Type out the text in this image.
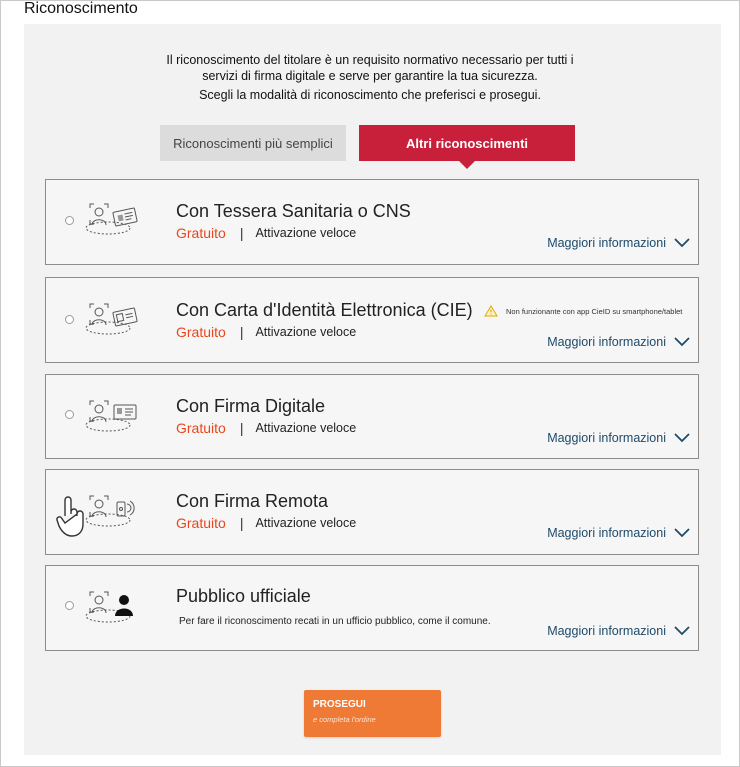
Riconoscimento
Il riconoscimento del titolare è un requisito normativo necessario per tutti i
servizi di firma digitale e serve per garantire la tua sicurezza.
Scegli la modalità di riconoscimento che preferisci e prosegui.
Riconoscimenti più semplici	Altri riconoscimenti
Con Tessera Sanitaria o CNS
Gratuito | Attivazione veloce
Maggiori informazioni
Con Carta d'Identità Elettronica (CIE)	Non funzionante con app CieID su smartphone/tablet
Gratuito | Attivazione veloce
Maggiori informazioni
Con Firma Digitale
Gratuito | Attivazione veloce
Maggiori informazioni
Con Firma Remota
Gratuito | Attivazione veloce
Maggiori informazioni
Pubblico ufficiale
Per fare il riconoscimento recati in un ufficio pubblico, come il comune.
Maggiori informazioni
PROSEGUI
e completa l'ordine
